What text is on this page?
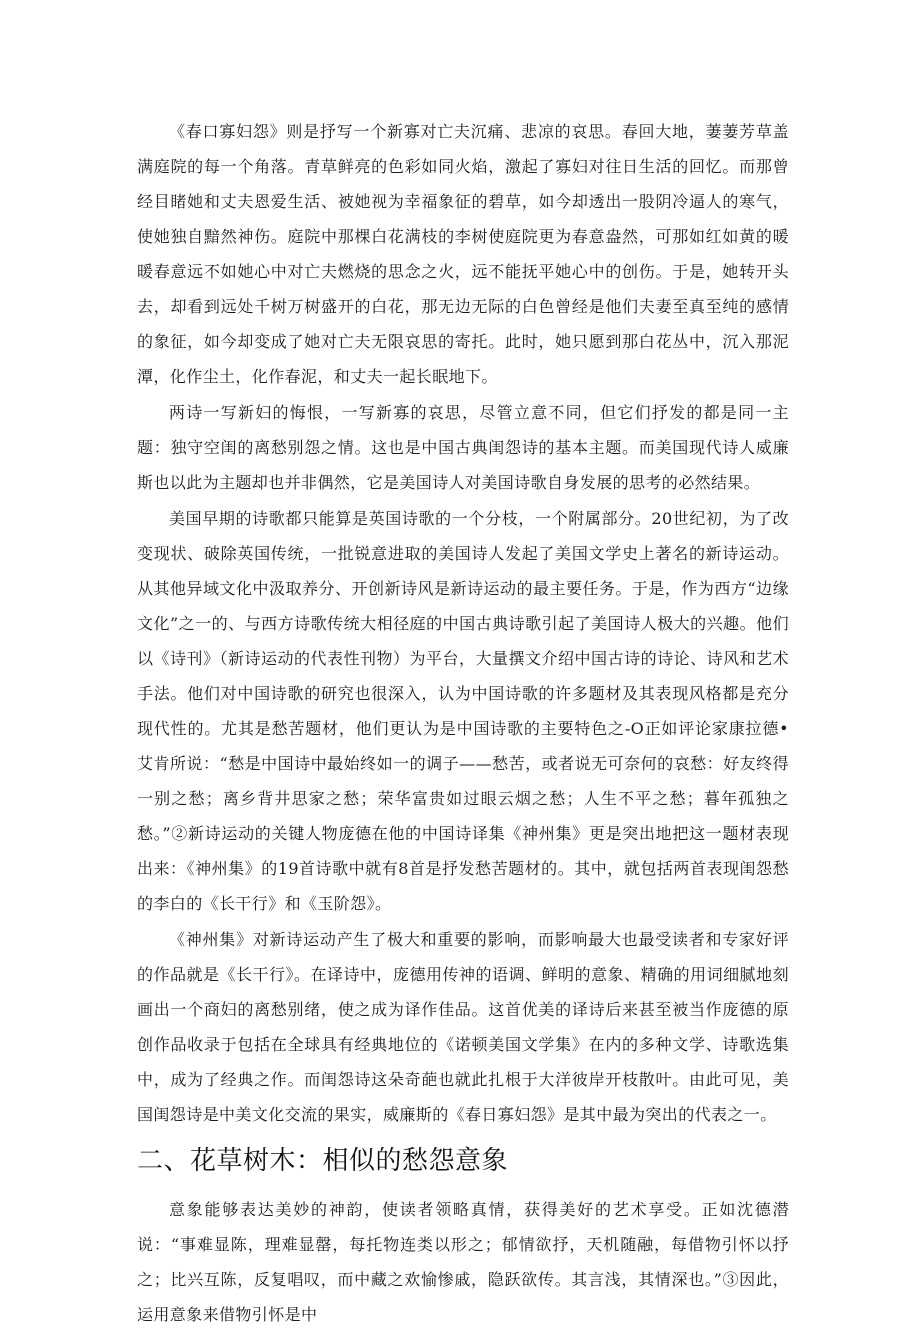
《春口寡妇怨》则是抒写一个新寡对亡夫沉痛、悲凉的哀思。春回大地，萋萋芳草盖满庭院的每一个角落。青草鲜亮的色彩如同火焰，激起了寡妇对往日生活的回忆。而那曾经目睹她和丈夫恩爱生活、被她视为幸福象征的碧草，如今却透出一股阴冷逼人的寒气，使她独自黯然神伤。庭院中那棵白花满枝的李树使庭院更为春意盎然，可那如红如黄的暖暖春意远不如她心中对亡夫燃烧的思念之火，远不能抚平她心中的创伤。于是，她转开头去，却看到远处千树万树盛开的白花，那无边无际的白色曾经是他们夫妻至真至纯的感情的象征，如今却变成了她对亡夫无限哀思的寄托。此时，她只愿到那白花丛中，沉入那泥潭，化作尘土，化作春泥，和丈夫一起长眠地下。

两诗一写新妇的悔恨，一写新寡的哀思，尽管立意不同，但它们抒发的都是同一主题：独守空闺的离愁别怨之情。这也是中国古典闺怨诗的基本主题。而美国现代诗人威廉斯也以此为主题却也并非偶然，它是美国诗人对美国诗歌自身发展的思考的必然结果。

美国早期的诗歌都只能算是英国诗歌的一个分枝，一个附属部分。20世纪初，为了改变现状、破除英国传统，一批锐意进取的美国诗人发起了美国文学史上著名的新诗运动。从其他异域文化中汲取养分、开创新诗风是新诗运动的最主要任务。于是，作为西方“边缘文化”之一的、与西方诗歌传统大相径庭的中国古典诗歌引起了美国诗人极大的兴趣。他们以《诗刊》（新诗运动的代表性刊物）为平台，大量撰文介绍中国古诗的诗论、诗风和艺术手法。他们对中国诗歌的研究也很深入，认为中国诗歌的许多题材及其表现风格都是充分现代性的。尤其是愁苦题材，他们更认为是中国诗歌的主要特色之-O正如评论家康拉德•艾肯所说：“愁是中国诗中最始终如一的调子——愁苦，或者说无可奈何的哀愁：好友终得一别之愁；离乡背井思家之愁；荣华富贵如过眼云烟之愁；人生不平之愁；暮年孤独之愁。”②新诗运动的关键人物庞德在他的中国诗译集《神州集》更是突出地把这一题材表现出来：《神州集》的19首诗歌中就有8首是抒发愁苦题材的。其中，就包括两首表现闺怨愁的李白的《长干行》和《玉阶怨》。

《神州集》对新诗运动产生了极大和重要的影响，而影响最大也最受读者和专家好评的作品就是《长干行》。在译诗中，庞德用传神的语调、鲜明的意象、精确的用词细腻地刻画出一个商妇的离愁别绪，使之成为译作佳品。这首优美的译诗后来甚至被当作庞德的原创作品收录于包括在全球具有经典地位的《诺顿美国文学集》在内的多种文学、诗歌选集中，成为了经典之作。而闺怨诗这朵奇葩也就此扎根于大洋彼岸开枝散叶。由此可见，美国闺怨诗是中美文化交流的果实，威廉斯的《春日寡妇怨》是其中最为突出的代表之一。

二、花草树木：相似的愁怨意象

意象能够表达美妙的神韵，使读者领略真情，获得美好的艺术享受。正如沈德潜说：“事难显陈，理难显罄，每托物连类以形之；郁情欲抒，天机随融，每借物引怀以抒之；比兴互陈，反复唱叹，而中藏之欢愉惨戚，隐跃欲传。其言浅，其情深也。”③因此，运用意象来借物引怀是中
